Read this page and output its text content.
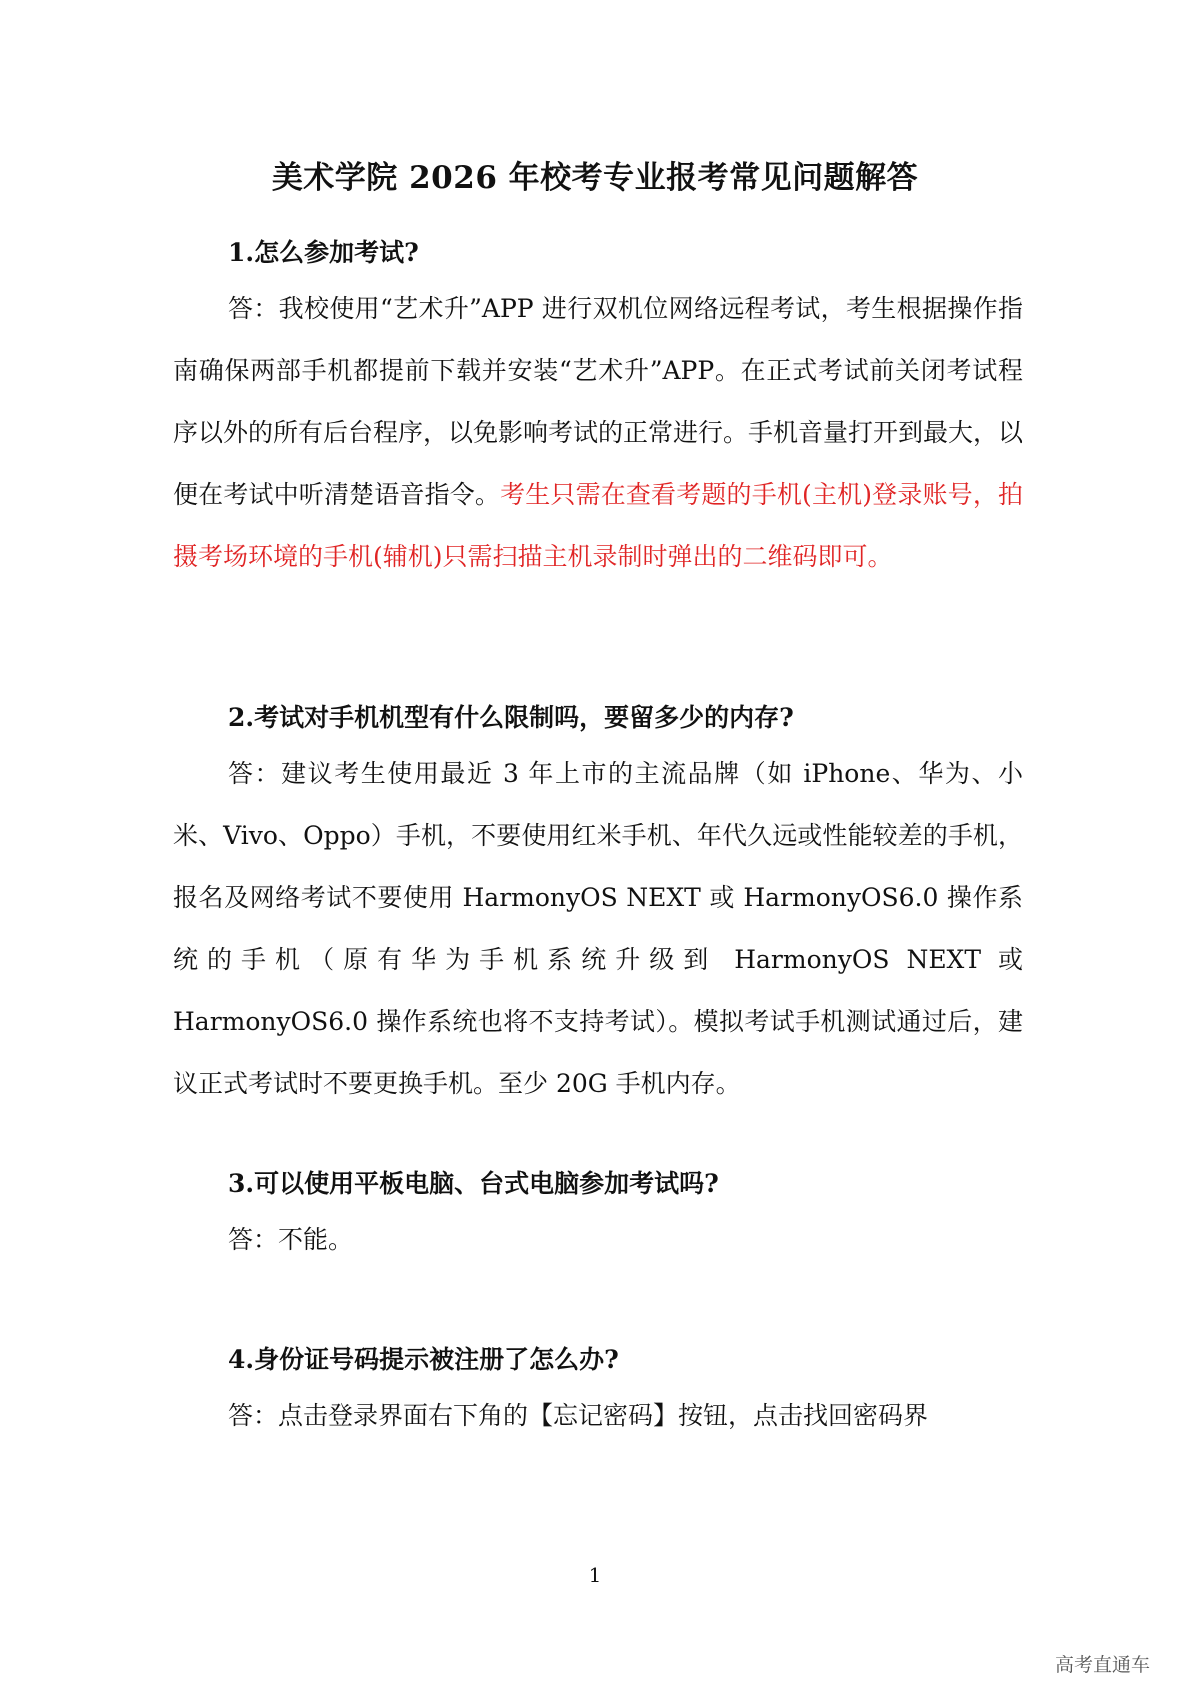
美术学院 2026 年校考专业报考常见问题解答

1.怎么参加考试?

答：我校使用“艺术升”APP 进行双机位网络远程考试，考生根据操作指南确保两部手机都提前下载并安装“艺术升”APP。在正式考试前关闭考试程序以外的所有后台程序，以免影响考试的正常进行。手机音量打开到最大，以便在考试中听清楚语音指令。考生只需在查看考题的手机(主机)登录账号，拍摄考场环境的手机(辅机)只需扫描主机录制时弹出的二维码即可。

2.考试对手机机型有什么限制吗，要留多少的内存?

答：建议考生使用最近 3 年上市的主流品牌（如 iPhone、华为、小米、Vivo、Oppo）手机，不要使用红米手机、年代久远或性能较差的手机，报名及网络考试不要使用 HarmonyOS NEXT 或 HarmonyOS6.0 操作系统的手机（原有华为手机系统升级到 HarmonyOS NEXT 或 HarmonyOS6.0 操作系统也将不支持考试）。模拟考试手机测试通过后，建议正式考试时不要更换手机。至少 20G 手机内存。

3.可以使用平板电脑、台式电脑参加考试吗?

答：不能。

4.身份证号码提示被注册了怎么办?

答：点击登录界面右下角的【忘记密码】按钮，点击找回密码界

1

高考直通车
